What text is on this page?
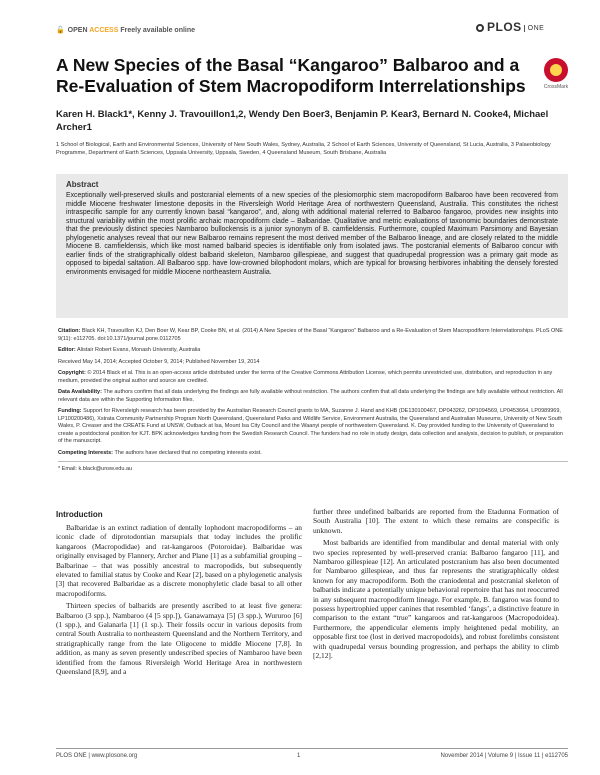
🔓 OPEN ACCESS Freely available online	PLOS ONE
A New Species of the Basal “Kangaroo” Balbaroo and a Re-Evaluation of Stem Macropodiform Interrelationships	CrossMark
Karen H. Black1*, Kenny J. Travouillon1,2, Wendy Den Boer3, Benjamin P. Kear3, Bernard N. Cooke4, Michael Archer1
1 School of Biological, Earth and Environmental Sciences, University of New South Wales, Sydney, Australia, 2 School of Earth Sciences, University of Queensland, St Lucia, Australia, 3 Palaeobiology Programme, Department of Earth Sciences, Uppsala University, Uppsala, Sweden, 4 Queensland Museum, South Brisbane, Australia
Abstract

Exceptionally well-preserved skulls and postcranial elements of a new species of the plesiomorphic stem macropodiform Balbaroo have been recovered from middle Miocene freshwater limestone deposits in the Riversleigh World Heritage Area of northwestern Queensland, Australia. This constitutes the richest intraspecific sample for any currently known basal “kangaroo”, and, along with additional material referred to Balbaroo fangaroo, provides new insights into structural variability within the most prolific archaic macropodiform clade – Balbaridae. Qualitative and metric evaluations of taxonomic boundaries demonstrate that the previously distinct species Nambaroo bullockensis is a junior synonym of B. camfieldensis. Furthermore, coupled Maximum Parsimony and Bayesian phylogenetic analyses reveal that our new Balbaroo remains represent the most derived member of the Balbaroo lineage, and are closely related to the middle Miocene B. camfieldensis, which like most named balbarid species is identifiable only from isolated jaws. The postcranial elements of Balbaroo concur with earlier finds of the stratigraphically oldest balbarid skeleton, Nambaroo gillespieae, and suggest that quadrupedal progression was a primary gait mode as opposed to bipedal saltation. All Balbaroo spp. have low-crowned bilophodont molars, which are typical for browsing herbivores inhabiting the densely forested environments envisaged for middle Miocene northeastern Australia.

Citation: Black KH, Travouillon KJ, Den Boer W, Kear BP, Cooke BN, et al. (2014) A New Species of the Basal “Kangaroo” Balbaroo and a Re-Evaluation of Stem Macropodiform Interrelationships. PLoS ONE 9(11): e112705. doi:10.1371/journal.pone.0112705
Editor: Alistair Robert Evans, Monash University, Australia
Received May 14, 2014; Accepted October 9, 2014; Published November 19, 2014
Copyright: © 2014 Black et al. This is an open-access article distributed under the terms of the Creative Commons Attribution License, which permits unrestricted use, distribution, and reproduction in any medium, provided the original author and source are credited.
Data Availability: The authors confirm that all data underlying the findings are fully available without restriction. The authors confirm that all data underlying the findings are fully available without restriction. All relevant data are within the Supporting Information files.
Funding: Support for Riversleigh research has been provided by the Australian Research Council grants to MA, Suzanne J. Hand and KHB (DE130100467, DP043262, DP1094569, LP0453664, LP0989969, LP100200486), Xstrata Community Partnership Program North Queensland, Queensland Parks and Wildlife Service, Environment Australia, the Queensland and Australian Museums, University of New South Wales, P. Creaser and the CREATE Fund at UNSW, Outback at Isa, Mount Isa City Council and the Waanyi people of northwestern Queensland. K. Day provided funding to the University of Queensland to create a postdoctoral position for KJT. BPK acknowledges funding from the Swedish Research Council. The funders had no role in study design, data collection and analysis, decision to publish, or preparation of the manuscript.
Competing Interests: The authors have declared that no competing interests exist.
* Email: k.black@unsw.edu.au
Introduction

Balbaridae is an extinct radiation of dentally lophodont macropodiforms – an iconic clade of diprotodontian marsupials that today includes the prolific kangaroos (Macropodidae) and rat-kangaroos (Potoroidae). Balbaridae was originally envisaged by Flannery, Archer and Plane [1] as a subfamilial grouping – Balbarinae – that was possibly ancestral to macropodids, but subsequently elevated to familial status by Cooke and Kear [2], based on a phylogenetic analysis [3] that recovered Balbaridae as a discrete monophyletic clade basal to all other macropodiforms.

Thirteen species of balbarids are presently ascribed to at least five genera: Balbaroo (3 spp.), Nambaroo (4 [5 spp.]), Ganawamaya [5] (3 spp.), Wururoo [6] (1 spp.), and Galanarla [1] (1 sp.). Their fossils occur in various deposits from central South Australia to northeastern Queensland and the Northern Territory, and stratigraphically range from the late Oligocene to middle Miocene [7,8]. In addition, as many as seven presently undescribed species of Nambaroo have been identified from the famous Riversleigh World Heritage Area in northwestern Queensland [8,9], and a

further three undefined balbarids are reported from the Etadunna Formation of South Australia [10]. The extent to which these remains are conspecific is unknown.

Most balbarids are identified from mandibular and dental material with only two species represented by well-preserved crania: Balbaroo fangaroo [11], and Nambaroo gillespieae [12]. An articulated postcranium has also been documented for Nambaroo gillespieae, and thus far represents the stratigraphically oldest known for any macropodiform. Both the craniodental and postcranial skeleton of balbarids indicate a potentially unique behavioral repertoire that has not reoccurred in any subsequent macropodiform lineage. For example, B. fangaroo was found to possess hypertrophied upper canines that resembled ‘fangs’, a distinctive feature in comparison to the extant “true” kangaroos and rat-kangaroos (Macropodoidea). Furthermore, the appendicular elements imply heightened pedal mobility, an opposable first toe (lost in derived macropodoids), and robust forelimbs consistent with quadrupedal versus bounding progression, and perhaps the ability to climb [2,12].

PLOS ONE | www.plosone.org	1	November 2014 | Volume 9 | Issue 11 | e112705
